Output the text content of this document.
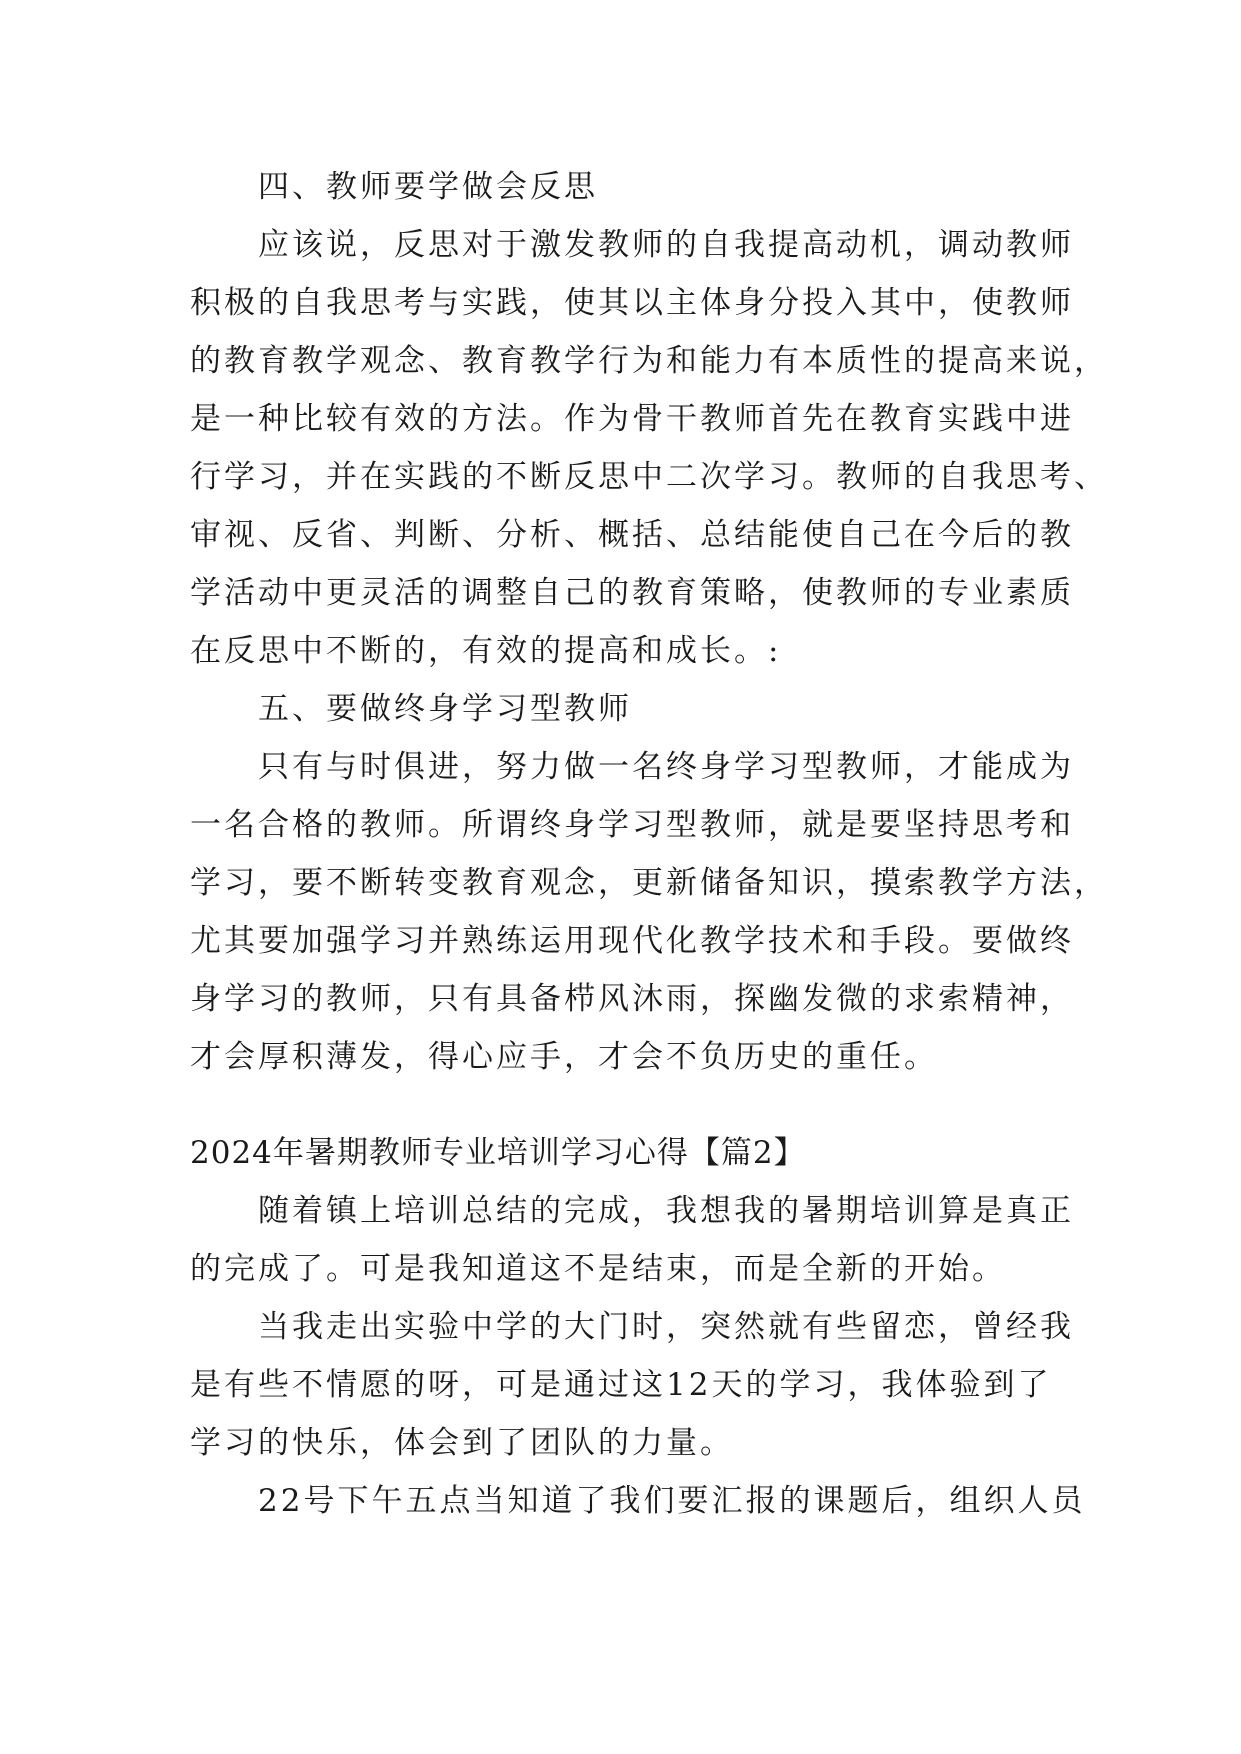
四、教师要学做会反思
应该说，反思对于激发教师的自我提高动机，调动教师
积极的自我思考与实践，使其以主体身分投入其中，使教师
的教育教学观念、教育教学行为和能力有本质性的提高来说，
是一种比较有效的方法。作为骨干教师首先在教育实践中进
行学习，并在实践的不断反思中二次学习。教师的自我思考、
审视、反省、判断、分析、概括、总结能使自己在今后的教
学活动中更灵活的调整自己的教育策略，使教师的专业素质
在反思中不断的，有效的提高和成长。:
五、要做终身学习型教师
只有与时俱进，努力做一名终身学习型教师，才能成为
一名合格的教师。所谓终身学习型教师，就是要坚持思考和
学习，要不断转变教育观念，更新储备知识，摸索教学方法，
尤其要加强学习并熟练运用现代化教学技术和手段。要做终
身学习的教师，只有具备栉风沐雨，探幽发微的求索精神，
才会厚积薄发，得心应手，才会不负历史的重任。
2024年暑期教师专业培训学习心得【篇2】
随着镇上培训总结的完成，我想我的暑期培训算是真正
的完成了。可是我知道这不是结束，而是全新的开始。
当我走出实验中学的大门时，突然就有些留恋，曾经我
是有些不情愿的呀，可是通过这12天的学习，我体验到了
学习的快乐，体会到了团队的力量。
22号下午五点当知道了我们要汇报的课题后，组织人员
